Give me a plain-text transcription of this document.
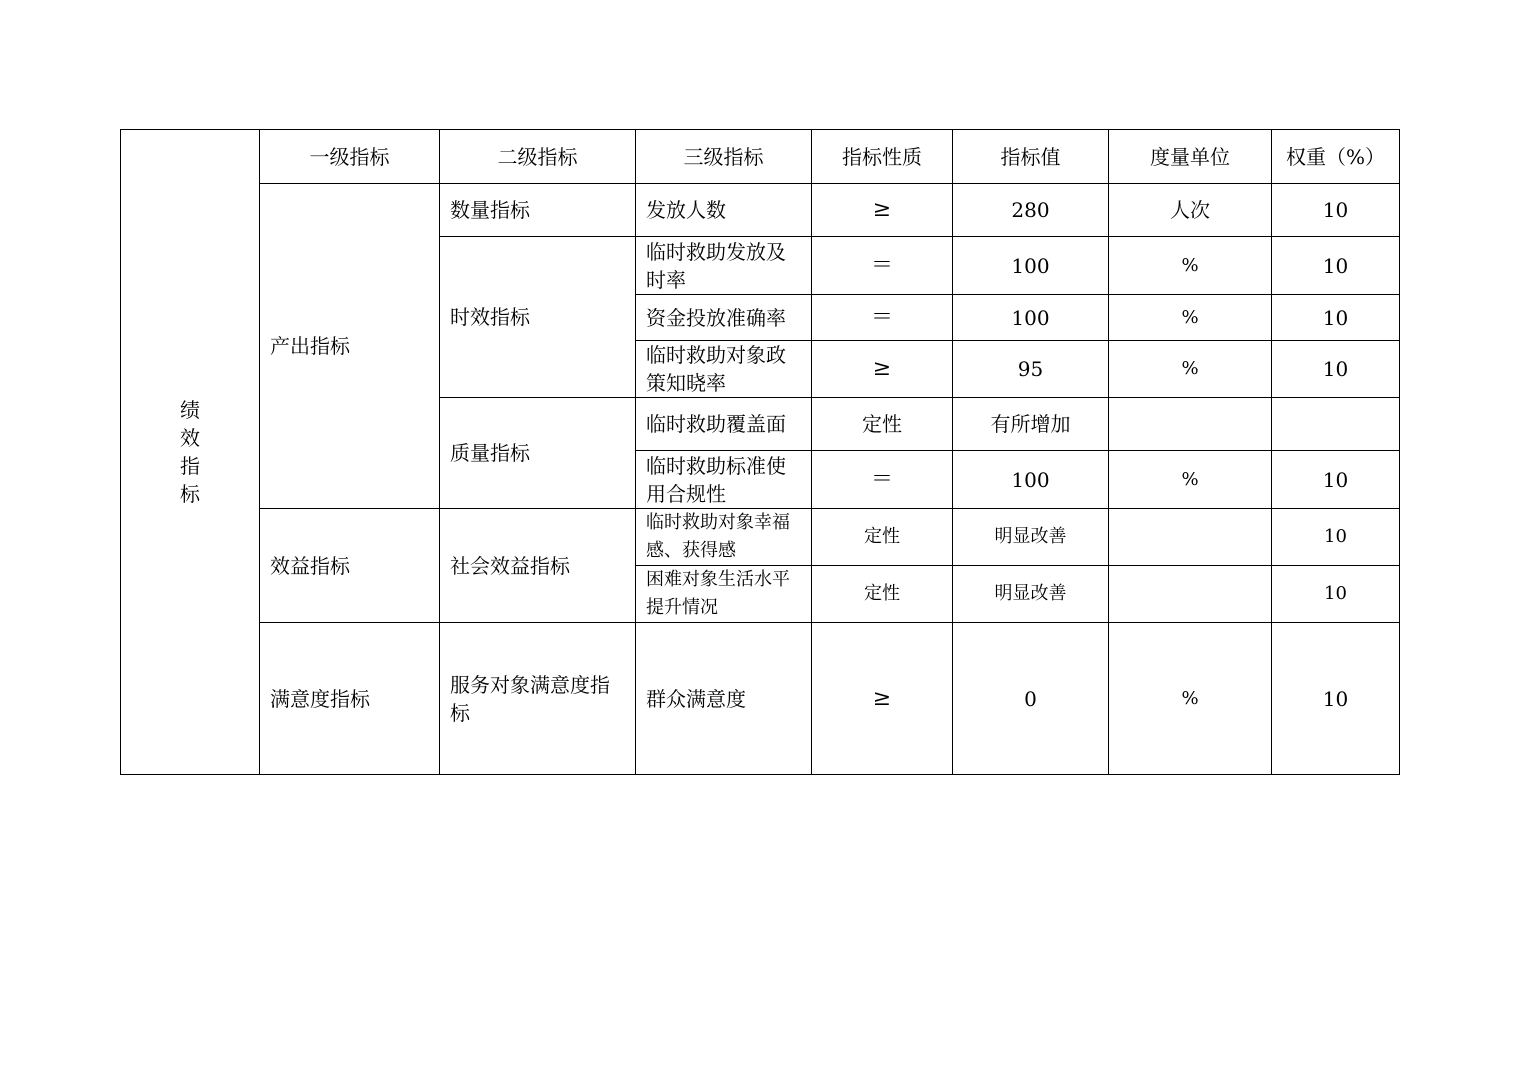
绩
效
指
标	一级指标	二级指标	三级指标	指标性质	指标值	度量单位	权重（%）
	产出指标	数量指标	发放人数	≥	280	人次	10
		时效指标	临时救助发放及时率	＝	100	%	10
			资金投放准确率	＝	100	%	10
			临时救助对象政策知晓率	≥	95	%	10
		质量指标	临时救助覆盖面	定性	有所增加		
			临时救助标准使用合规性	＝	100	%	10
	效益指标	社会效益指标	临时救助对象幸福感、获得感	定性	明显改善		10
			困难对象生活水平提升情况	定性	明显改善		10
	满意度指标	服务对象满意度指标	群众满意度	≥	0	%	10
